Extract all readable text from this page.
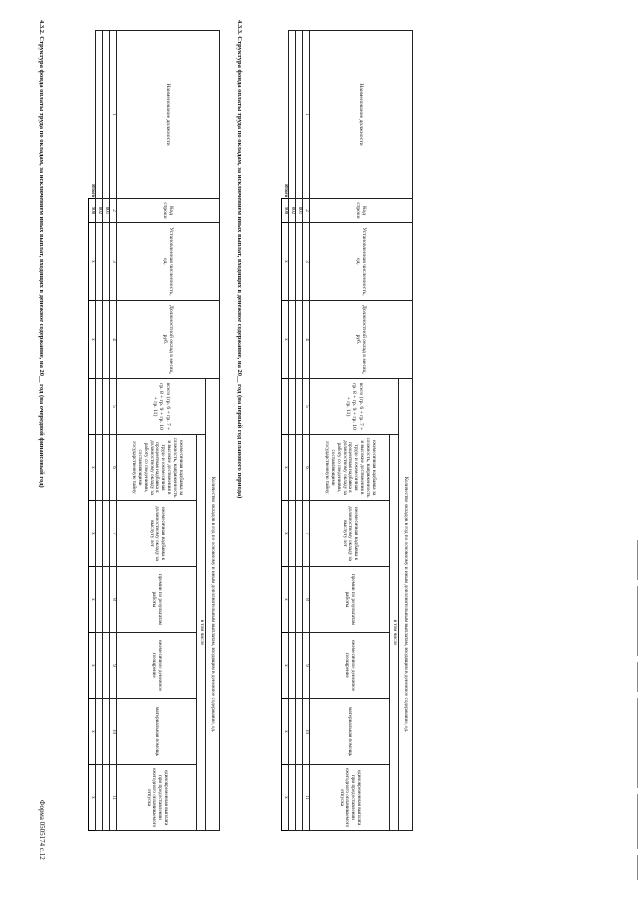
Форма 0505174 с.12
4.3.2. Структура фонда оплаты труда по окладам, за исключением иных выплат, входящих в денежное содержание, на 20__ год (на очередной финансовый год)	4.3.3. Структура фонда оплаты труда по окладам, за исключением иных выплат, входящих в денежное содержание, на 20__ год (на первый год планового периода)
Наименование должности	Код строки	Установленная численность, ед.	Должностной оклад в месяц, руб.	Количество окладов в год по основному и иным дополнительным выплатам, входящим в денежное содержание, ед.						
				всего (гр. 6 + гр. 7 + гр. 8 + гр. 9 + гр. 10 + гр. 11)	в том числе					
					ежемесячная надбавка за сложность, напряженность и высокие достижения в труде и ежемесячная процентная надбавка к должностному окладу за работу со сведениями, составляющими государственную тайну	ежемесячная надбавка к должностному окладу за выслугу лет	премии по результатам работы	ежемесячное денежное поощрение	материальная помощь	единовременная выплата при предоставлении ежегодного оплачиваемого отпуска
1	2	3	4	5	6	7	8	9	10	11
	001									
	002									
Итого	900	x	x		x	x	x	x	x	x
Наименование должности	Код строки	Установленная численность, ед.	Должностной оклад в месяц, руб.	Количество окладов в год по основному и иным дополнительным выплатам, входящим в денежное содержание, ед.						
				всего (гр. 6 + гр. 7 + гр. 8 + гр. 9 + гр. 10 + гр. 11)	в том числе					
					ежемесячная надбавка за сложность, напряженность и высокие достижения в труде и ежемесячная процентная надбавка к должностному окладу за работу со сведениями, составляющими государственную тайну	ежемесячная надбавка к должностному окладу за выслугу лет	премии по результатам работы	ежемесячное денежное поощрение	материальная помощь	единовременная выплата при предоставлении ежегодного оплачиваемого отпуска
1	2	3	4	5	6	7	8	9	10	11
	001									
	002									
Итого	900	x	x		x	x	x	x	x	x
